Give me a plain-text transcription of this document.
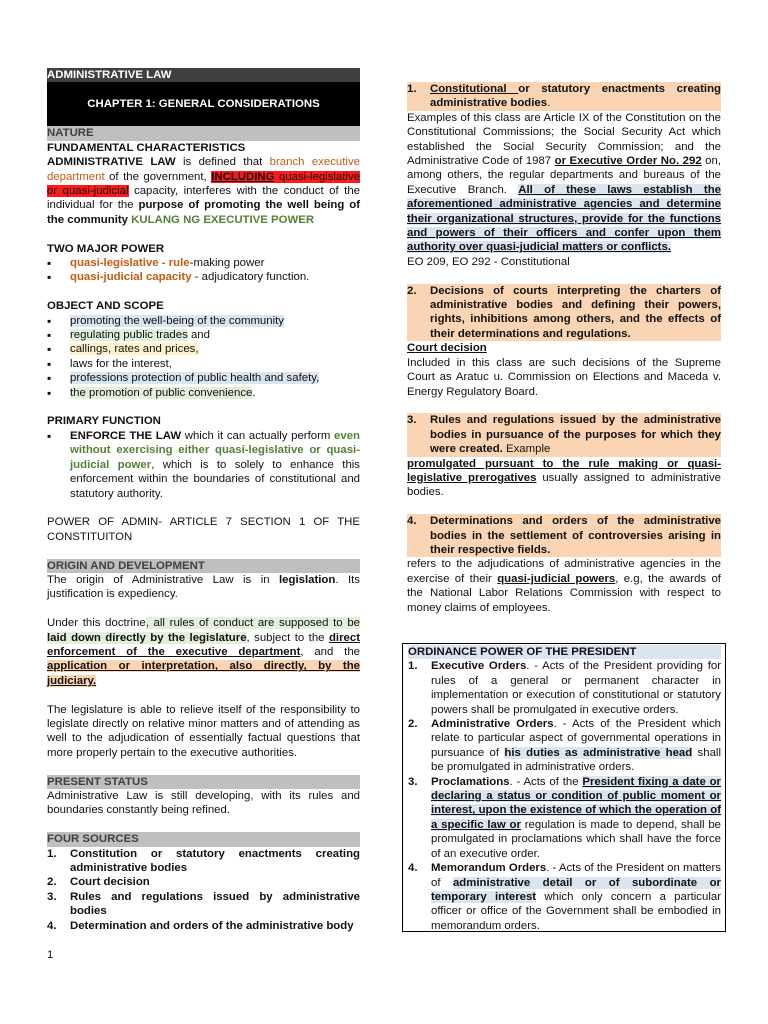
ADMINISTRATIVE LAW
CHAPTER 1: GENERAL CONSIDERATIONS
NATURE
FUNDAMENTAL CHARACTERISTICS

ADMINISTRATIVE LAW is defined that branch executive department of the government, INCLUDING quasi-legislative or quasi-judicial capacity, interferes with the conduct of the individual for the purpose of promoting the well being of the community KULANG NG EXECUTIVE POWER

TWO MAJOR POWER
▪ quasi-legislative - rule-making power
▪ quasi-judicial capacity - adjudicatory function.
OBJECT AND SCOPE
▪ promoting the well-being of the community
▪ regulating public trades and
▪ callings, rates and prices,
▪ laws for the interest,
▪ professions protection of public health and safety,
▪ the promotion of public convenience.
PRIMARY FUNCTION
▪ ENFORCE THE LAW which it can actually perform even without exercising either quasi-legislative or quasi-judicial power, which is to solely to enhance this enforcement within the boundaries of constitutional and statutory authority.

POWER OF ADMIN- ARTICLE 7 SECTION 1 OF THE CONSTITUITON

ORIGIN AND DEVELOPMENT

The origin of Administrative Law is in legislation. Its justification is expediency.

Under this doctrine, all rules of conduct are supposed to be laid down directly by the legislature, subject to the direct enforcement of the executive department, and the application or interpretation, also directly, by the judiciary.

The legislature is able to relieve itself of the responsibility to legislate directly on relative minor matters and of attending as well to the adjudication of essentially factual questions that more properly pertain to the executive authorities.

PRESENT STATUS

Administrative Law is still developing, with its rules and boundaries constantly being refined.

FOUR SOURCES
1. Constitution or statutory enactments creating administrative bodies
2. Court decision
3. Rules and regulations issued by administrative bodies
4. Determination and orders of the administrative body
1. Constitutional or statutory enactments creating administrative bodies.

Examples of this class are Article IX of the Constitution on the Constitutional Commissions; the Social Security Act which established the Social Security Commission; and the Administrative Code of 1987 or Executive Order No. 292 on, among others, the regular departments and bureaus of the Executive Branch. All of these laws establish the aforementioned administrative agencies and determine their organizational structures, provide for the functions and powers of their officers and confer upon them authority over quasi-judicial matters or conflicts.

EO 209, EO 292 - Constitutional

2. Decisions of courts interpreting the charters of administrative bodies and defining their powers, rights, inhibitions among others, and the effects of their determinations and regulations.
Court decision

Included in this class are such decisions of the Supreme Court as Aratuc u. Commission on Elections and Maceda v. Energy Regulatory Board.

3. Rules and regulations issued by the administrative bodies in pursuance of the purposes for which they were created. Example

promulgated pursuant to the rule making or quasi-legislative prerogatives usually assigned to administrative bodies.

4. Determinations and orders of the administrative bodies in the settlement of controversies arising in their respective fields.

refers to the adjudications of administrative agencies in the exercise of their quasi-judicial powers, e.g, the awards of the National Labor Relations Commission with respect to money claims of employees.

ORDINANCE POWER OF THE PRESIDENT
1. Executive Orders. - Acts of the President providing for rules of a general or permanent character in implementation or execution of constitutional or statutory powers shall be promulgated in executive orders.
2. Administrative Orders. - Acts of the President which relate to particular aspect of governmental operations in pursuance of his duties as administrative head shall be promulgated in administrative orders.
3. Proclamations. - Acts of the President fixing a date or declaring a status or condition of public moment or interest, upon the existence of which the operation of a specific law or regulation is made to depend, shall be promulgated in proclamations which shall have the force of an executive order.
4. Memorandum Orders. - Acts of the President on matters of administrative detail or of subordinate or temporary interest which only concern a particular officer or office of the Government shall be embodied in memorandum orders.
1
